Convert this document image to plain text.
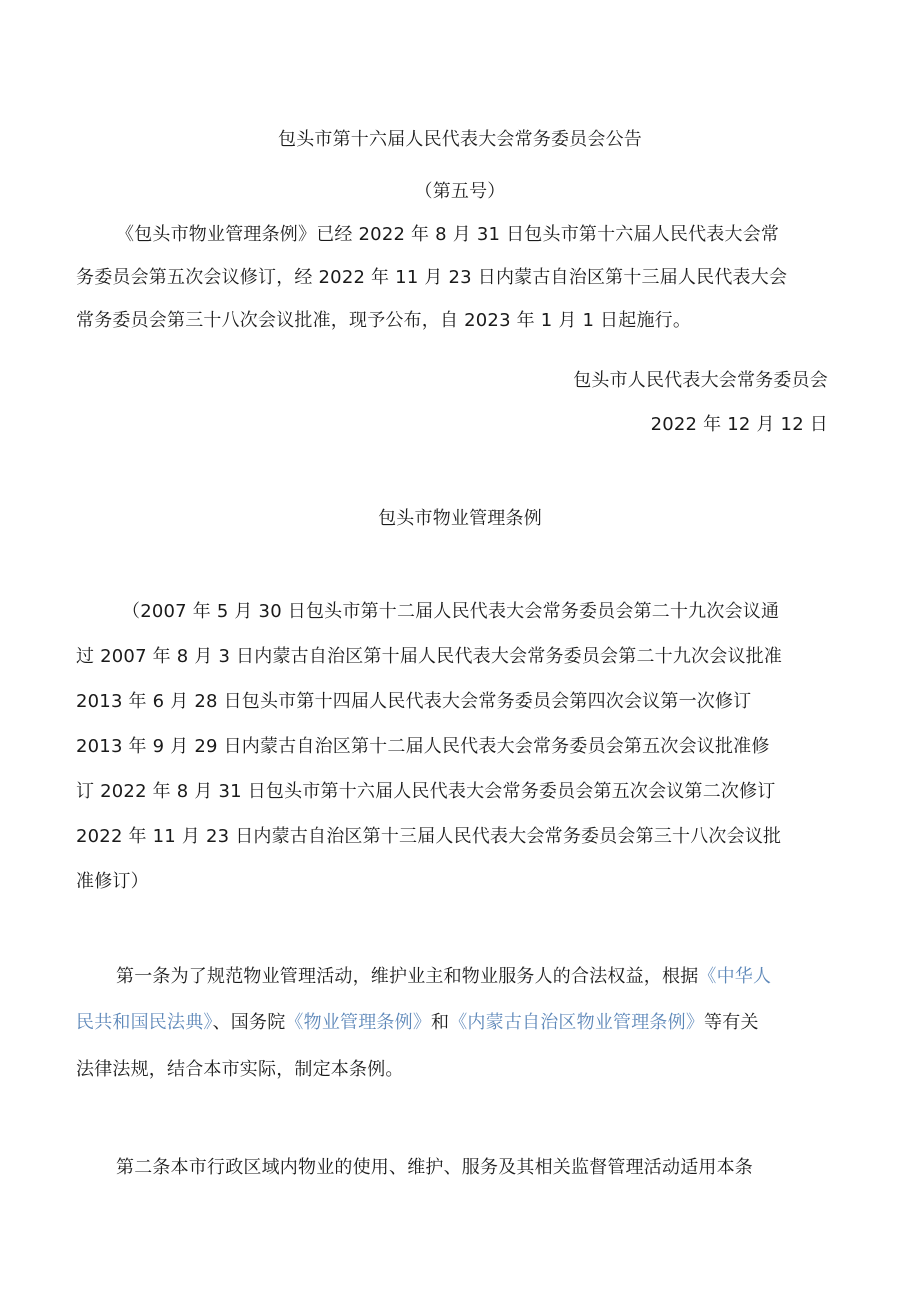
包头市第十六届人民代表大会常务委员会公告
（第五号）
《包头市物业管理条例》已经 2022 年 8 月 31 日包头市第十六届人民代表大会常
务委员会第五次会议修订，经 2022 年 11 月 23 日内蒙古自治区第十三届人民代表大会
常务委员会第三十八次会议批准，现予公布，自 2023 年 1 月 1 日起施行。
包头市人民代表大会常务委员会
2022 年 12 月 12 日
包头市物业管理条例
（2007 年 5 月 30 日包头市第十二届人民代表大会常务委员会第二十九次会议通
过 2007 年 8 月 3 日内蒙古自治区第十届人民代表大会常务委员会第二十九次会议批准
2013 年 6 月 28 日包头市第十四届人民代表大会常务委员会第四次会议第一次修订
2013 年 9 月 29 日内蒙古自治区第十二届人民代表大会常务委员会第五次会议批准修
订 2022 年 8 月 31 日包头市第十六届人民代表大会常务委员会第五次会议第二次修订
2022 年 11 月 23 日内蒙古自治区第十三届人民代表大会常务委员会第三十八次会议批
准修订）
第一条为了规范物业管理活动，维护业主和物业服务人的合法权益，根据《中华人
民共和国民法典》、国务院《物业管理条例》和《内蒙古自治区物业管理条例》等有关
法律法规，结合本市实际，制定本条例。
第二条本市行政区域内物业的使用、维护、服务及其相关监督管理活动适用本条
